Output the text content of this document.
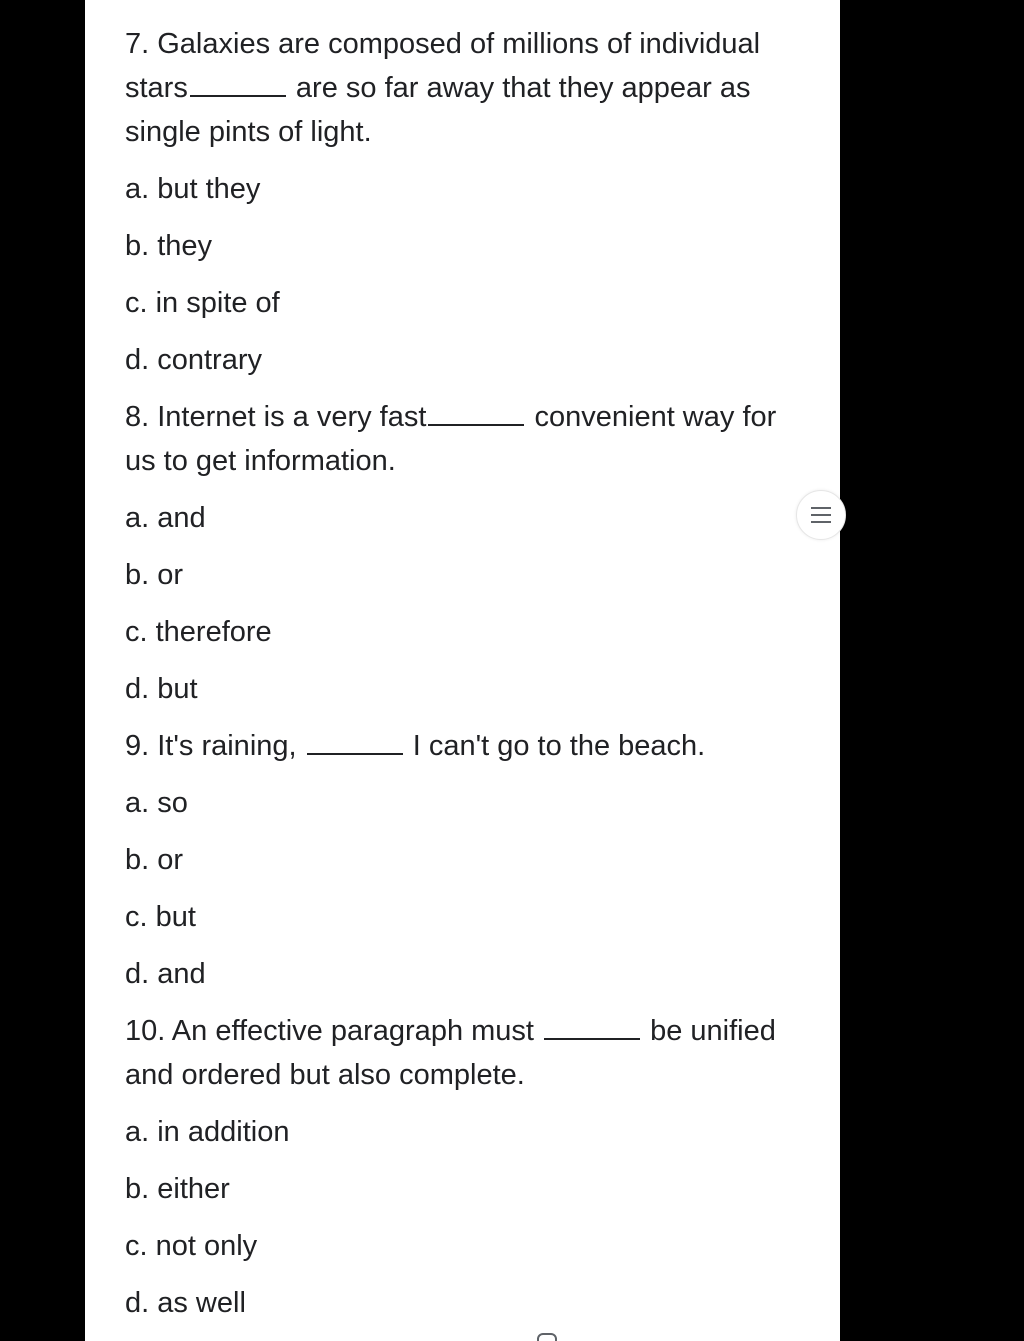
7. Galaxies are composed of millions of individual stars	are so far away that they appear as single pints of light.
a. but they
b. they
c. in spite of
d. contrary
8. Internet is a very fast	convenient way for us to get information.
a. and
b. or
c. therefore
d. but
9. It's raining,	I can't go to the beach.
a. so
b. or
c. but
d. and
10. An effective paragraph must	be unified and ordered but also complete.
a. in addition
b. either
c. not only
d. as well
